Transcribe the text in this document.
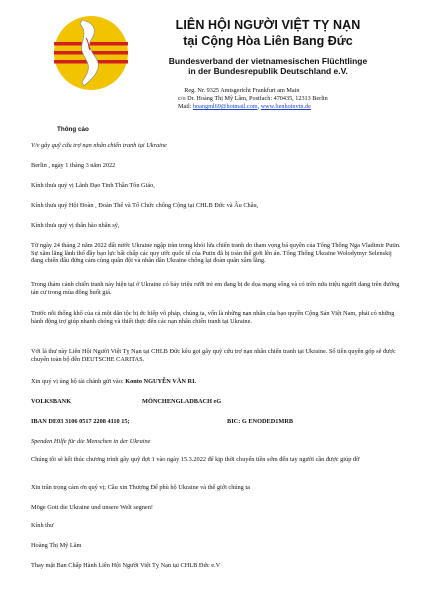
LIÊN HỘI NGƯỜI VIỆT TỴ NẠN
tại Cộng Hòa Liên Bang Đức
Bundesverband der vietnamesischen Flüchtlinge
in der Bundesrepublik Deutschland e.V.
Reg. Nr. 9325 Amtsgericht Frankfurt am Main
c/o Dr. Hoàng Thị Mỹ Lâm, Postfach: 470435, 12313 Berlin
Mail: hoangml69@hotmail.com, www.lienhoinvtn.de
Thông cáo
V/v gây quỹ cứu trợ nạn nhân chiến tranh tại Ukraine
Berlin , ngày 1 tháng 3 năm 2022
Kính thưa quý vị Lãnh Đạo Tinh Thần Tôn Giáo,
Kính thưa quý Hội Đoàn , Đoàn Thể và Tổ Chức chống Cộng tại CHLB Đức và Âu Châu,
Kính thưa quý vị thân hào nhân sỹ,
Từ ngày 24 tháng 2 năm 2022 đất nước Ukraine ngập tràn trong khói lửa chiến tranh do tham vọng bá quyền của Tổng Thống Nga Vladimir Putin. Sự xâm lăng lãnh thổ đầy bạo lực bất chấp các quy ước quốc tế của Putin đã bị toàn thế giới lên án. Tổng Thống Ukraine Wolodymyr Selenskij đang chiến đấu đứng cảm cùng quân đội và nhân dân Ukraine chống lại đoàn quân xâm lăng.
Trong thảm cảnh chiến tranh này hiện tại ở Ukraine có bảy triệu rưỡi trẻ em đang bị đe dọa mạng sống và có trên nửa triệu người dang trên đường tản cư trong mùa đông buốt giá.
Trước nỗi thống khổ của cả một dân tộc bị ức hiếp vô pháp, chúng ta, vốn là những nạn nhân của bạo quyền Cộng Sản Việt Nam, phải có những hành động trợ giúp nhanh chóng và thiết thực đến các nạn nhân chiến tranh tại Ukraine.
Với lá thư này Liên Hội Người Việt Tỵ Nạn tại CHLB Đức kêu gọi gây quỹ cứu trợ nạn nhân chiến tranh tại Ukraine. Số tiền quyên góp sẽ được chuyển toàn bộ đến DEUTSCHE CARITAS.
Xin quý vị ủng hộ tài chánh gửi vào: Konto NGUYỄN VĂN RI.
VOLKSBANK	MÖNCHENGLADBACH eG
IBAN DE03 3106 0517 2208 4110 15;	BIC: G ENODED1MRB
Spenden Hilfe für die Menschen in der Ukraine
Chúng tôi sẽ kết thúc chương trình gây quỹ đợt 1 vào ngày 15.3.2022 để kịp thời chuyển tiền sớm đến tay người cần được giúp đỡ
Xin trân trọng cám ơn quý vị; Cầu xin Thượng Đế phù hộ Ukraine và thế giới chúng ta
Möge Gott die Ukraine und unsere Welt segnen!
Kính thư
Hoàng Thị Mỹ Lâm
Thay mặt Ban Chấp Hành Liên Hội Người Việt Tỵ Nạn tại CHLB Đức e.V
